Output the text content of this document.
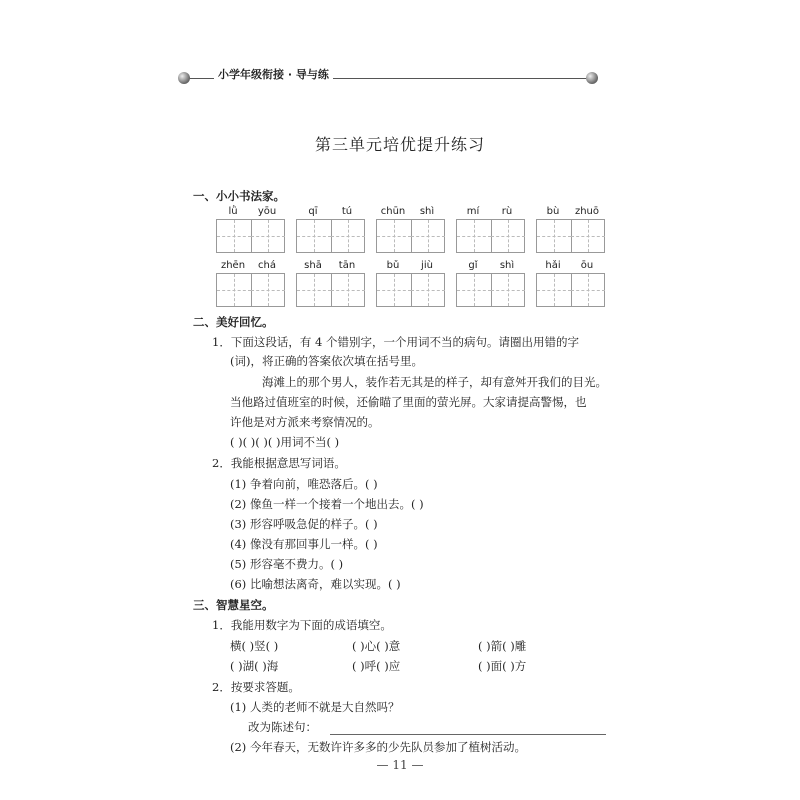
小学年级衔接 · 导与练
第三单元培优提升练习
一、小小书法家。
二、美好回忆。
1．下面这段话，有 4 个错别字，一个用词不当的病句。请圈出用错的字
(词)，将正确的答案依次填在括号里。
海滩上的那个男人，装作若无其是的样子，却有意舛开我们的目光。
当他路过值班室的时候，还偷瞄了里面的萤光屏。大家请提高警惕，也
许他是对方派来考察情况的。
( )( )( )( )用词不当( )
2．我能根据意思写词语。
(1) 争着向前，唯恐落后。( )
(2) 像鱼一样一个接着一个地出去。( )
(3) 形容呼吸急促的样子。( )
(4) 像没有那回事儿一样。( )
(5) 形容毫不费力。( )
(6) 比喻想法离奇，难以实现。( )
三、智慧星空。
1．我能用数字为下面的成语填空。
横( )竖( )	( )心( )意	( )箭( )雕
( )湖( )海	( )呼( )应	( )面( )方
2．按要求答题。
(1) 人类的老师不就是大自然吗？
改为陈述句：
(2) 今年春天，无数许许多多的少先队员参加了植树活动。
— 11 —
lǜ	yōu	qī	tú	chūn	shì	mí	rù	bù	zhuō
zhēn	chá	shā	tān	bǔ	jiù	gǐ	shì	hǎi	ōu
